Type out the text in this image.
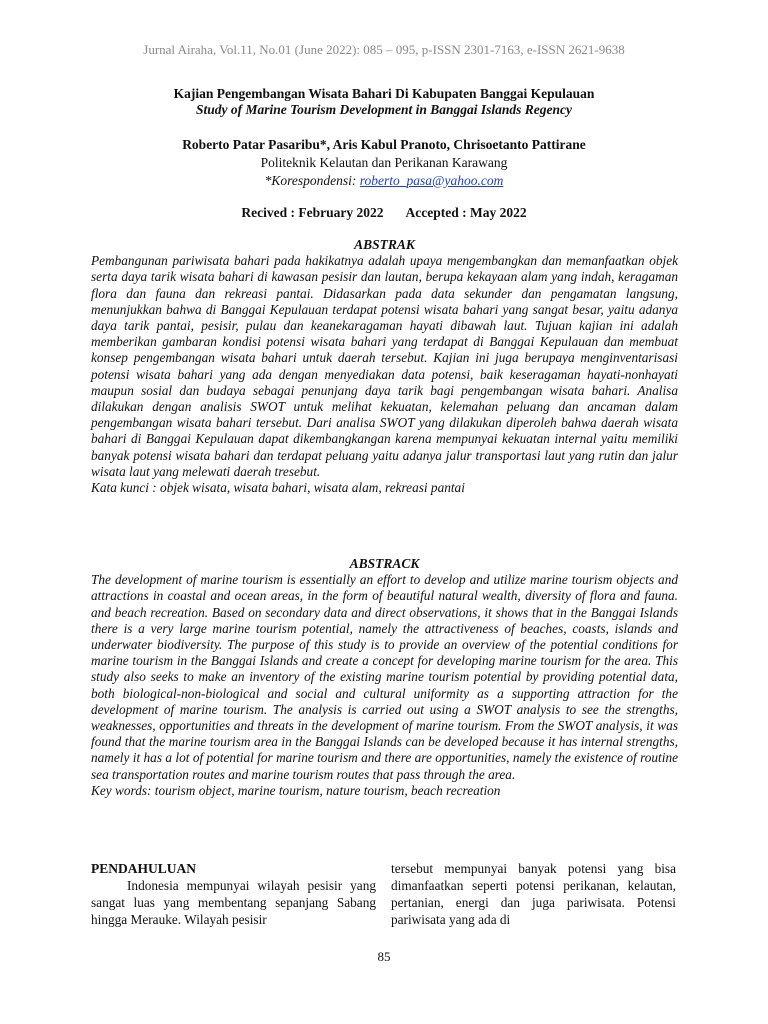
Jurnal Airaha, Vol.11, No.01 (June 2022): 085 – 095, p-ISSN 2301-7163, e-ISSN 2621-9638
Kajian Pengembangan Wisata Bahari Di Kabupaten Banggai Kepulauan
Study of Marine Tourism Development in Banggai Islands Regency
Roberto Patar Pasaribu*, Aris Kabul Pranoto, Chrisoetanto Pattirane
Politeknik Kelautan dan Perikanan Karawang
*Korespondensi: roberto_pasa@yahoo.com
Recived : February 2022 Accepted : May 2022
ABSTRAK

Pembangunan pariwisata bahari pada hakikatnya adalah upaya mengembangkan dan memanfaatkan objek serta daya tarik wisata bahari di kawasan pesisir dan lautan, berupa kekayaan alam yang indah, keragaman flora dan fauna dan rekreasi pantai. Didasarkan pada data sekunder dan pengamatan langsung, menunjukkan bahwa di Banggai Kepulauan terdapat potensi wisata bahari yang sangat besar, yaitu adanya daya tarik pantai, pesisir, pulau dan keanekaragaman hayati dibawah laut. Tujuan kajian ini adalah memberikan gambaran kondisi potensi wisata bahari yang terdapat di Banggai Kepulauan dan membuat konsep pengembangan wisata bahari untuk daerah tersebut. Kajian ini juga berupaya menginventarisasi potensi wisata bahari yang ada dengan menyediakan data potensi, baik keseragaman hayati-nonhayati maupun sosial dan budaya sebagai penunjang daya tarik bagi pengembangan wisata bahari. Analisa dilakukan dengan analisis SWOT untuk melihat kekuatan, kelemahan peluang dan ancaman dalam pengembangan wisata bahari tersebut. Dari analisa SWOT yang dilakukan diperoleh bahwa daerah wisata bahari di Banggai Kepulauan dapat dikembangkangan karena mempunyai kekuatan internal yaitu memiliki banyak potensi wisata bahari dan terdapat peluang yaitu adanya jalur transportasi laut yang rutin dan jalur wisata laut yang melewati daerah tresebut.

Kata kunci : objek wisata, wisata bahari, wisata alam, rekreasi pantai

ABSTRACK

The development of marine tourism is essentially an effort to develop and utilize marine tourism objects and attractions in coastal and ocean areas, in the form of beautiful natural wealth, diversity of flora and fauna. and beach recreation. Based on secondary data and direct observations, it shows that in the Banggai Islands there is a very large marine tourism potential, namely the attractiveness of beaches, coasts, islands and underwater biodiversity. The purpose of this study is to provide an overview of the potential conditions for marine tourism in the Banggai Islands and create a concept for developing marine tourism for the area. This study also seeks to make an inventory of the existing marine tourism potential by providing potential data, both biological-non-biological and social and cultural uniformity as a supporting attraction for the development of marine tourism. The analysis is carried out using a SWOT analysis to see the strengths, weaknesses, opportunities and threats in the development of marine tourism. From the SWOT analysis, it was found that the marine tourism area in the Banggai Islands can be developed because it has internal strengths, namely it has a lot of potential for marine tourism and there are opportunities, namely the existence of routine sea transportation routes and marine tourism routes that pass through the area.

Key words: tourism object, marine tourism, nature tourism, beach recreation

PENDAHULUAN

Indonesia mempunyai wilayah pesisir yang sangat luas yang membentang sepanjang Sabang hingga Merauke. Wilayah pesisir

tersebut mempunyai banyak potensi yang bisa dimanfaatkan seperti potensi perikanan, kelautan, pertanian, energi dan juga pariwisata. Potensi pariwisata yang ada di

85
